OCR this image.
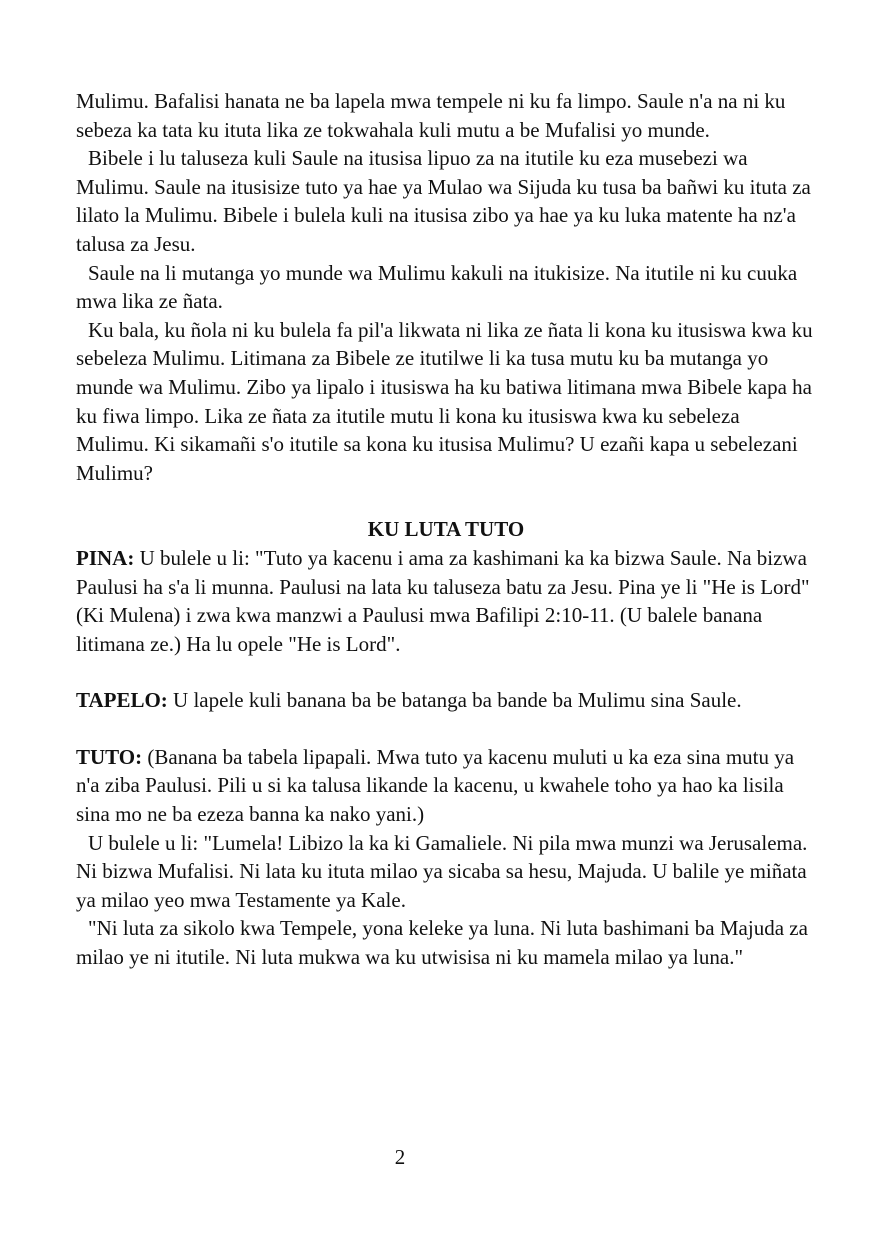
Mulimu. Bafalisi hanata ne ba lapela mwa tempele ni ku fa limpo. Saule n'a na ni ku sebeza ka tata ku ituta lika ze tokwahala kuli mutu a be Mufalisi yo munde.

Bibele i lu taluseza kuli Saule na itusisa lipuo za na itutile ku eza musebezi wa Mulimu. Saule na itusisize tuto ya hae ya Mulao wa Sijuda ku tusa ba bañwi ku ituta za lilato la Mulimu. Bibele i bulela kuli na itusisa zibo ya hae ya ku luka matente ha nz'a talusa za Jesu.

Saule na li mutanga yo munde wa Mulimu kakuli na itukisize. Na itutile ni ku cuuka mwa lika ze ñata.

Ku bala, ku ñola ni ku bulela fa pil'a likwata ni lika ze ñata li kona ku itusiswa kwa ku sebeleza Mulimu. Litimana za Bibele ze itutilwe li ka tusa mutu ku ba mutanga yo munde wa Mulimu. Zibo ya lipalo i itusiswa ha ku batiwa litimana mwa Bibele kapa ha ku fiwa limpo. Lika ze ñata za itutile mutu li kona ku itusiswa kwa ku sebeleza Mulimu. Ki sikamañi s'o itutile sa kona ku itusisa Mulimu? U ezañi kapa u sebelezani Mulimu?

KU LUTA TUTO

PINA: U bulele u li: "Tuto ya kacenu i ama za kashimani ka ka bizwa Saule. Na bizwa Paulusi ha s'a li munna. Paulusi na lata ku taluseza batu za Jesu. Pina ye li "He is Lord" (Ki Mulena) i zwa kwa manzwi a Paulusi mwa Bafilipi 2:10-11. (U balele banana litimana ze.) Ha lu opele "He is Lord".

TAPELO: U lapele kuli banana ba be batanga ba bande ba Mulimu sina Saule.

TUTO: (Banana ba tabela lipapali. Mwa tuto ya kacenu muluti u ka eza sina mutu ya n'a ziba Paulusi. Pili u si ka talusa likande la kacenu, u kwahele toho ya hao ka lisila sina mo ne ba ezeza banna ka nako yani.)

U bulele u li: "Lumela! Libizo la ka ki Gamaliele. Ni pila mwa munzi wa Jerusalema. Ni bizwa Mufalisi. Ni lata ku ituta milao ya sicaba sa hesu, Majuda. U balile ye miñata ya milao yeo mwa Testamente ya Kale.

"Ni luta za sikolo kwa Tempele, yona keleke ya luna. Ni luta bashimani ba Majuda za milao ye ni itutile. Ni luta mukwa wa ku utwisisa ni ku mamela milao ya luna."

2
